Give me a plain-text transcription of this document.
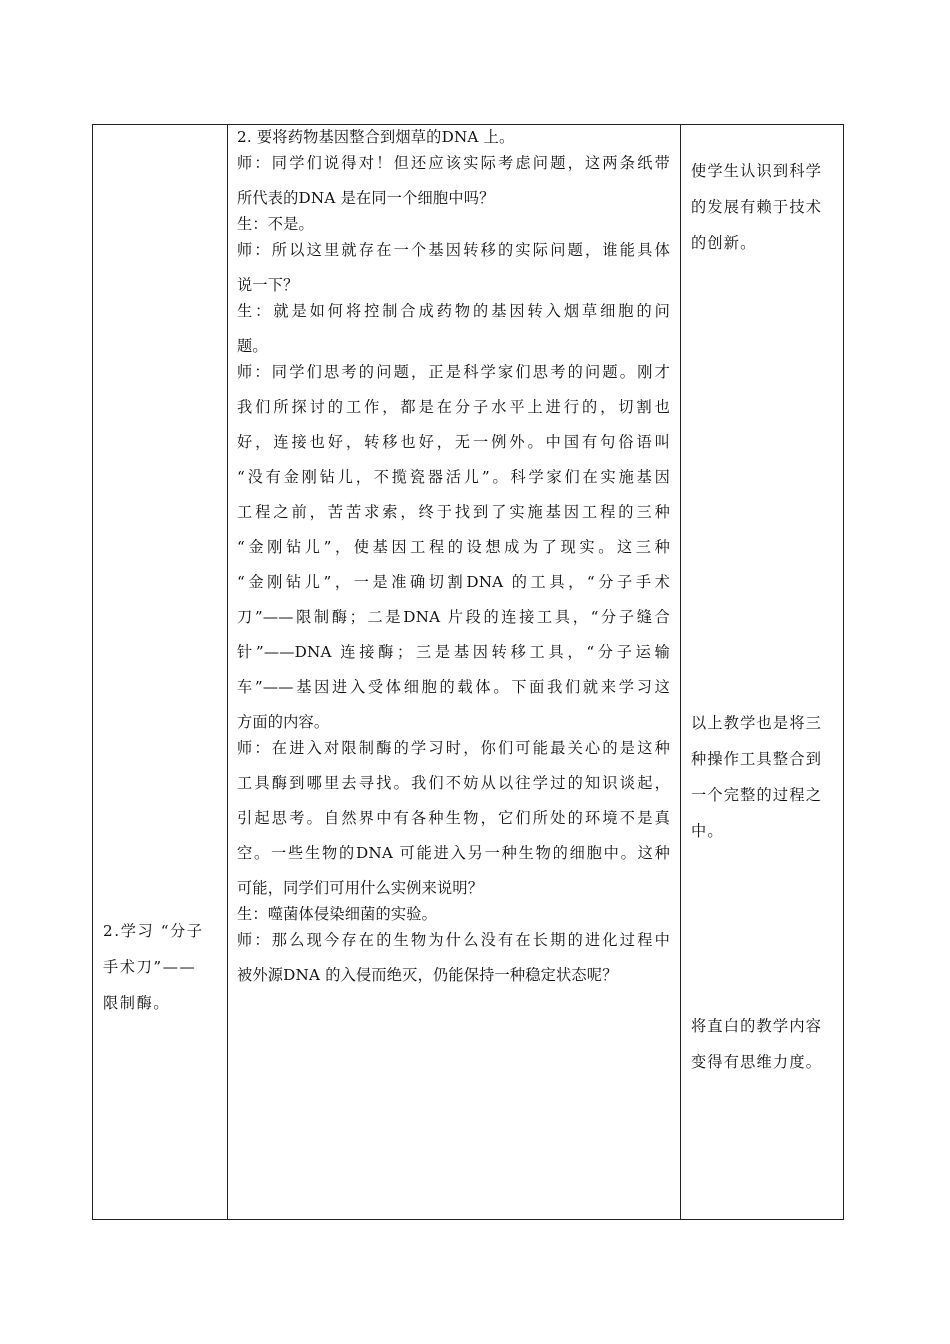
2.学习 “分子
手术刀”——
限制酶。

2. 要将药物基因整合到烟草的DNA 上。
师：同学们说得对！但还应该实际考虑问题，这两条纸带
所代表的DNA 是在同一个细胞中吗？
生：不是。
师：所以这里就存在一个基因转移的实际问题，谁能具体
说一下？
生：就是如何将控制合成药物的基因转入烟草细胞的问
题。
师：同学们思考的问题，正是科学家们思考的问题。刚才
我们所探讨的工作，都是在分子水平上进行的，切割也
好，连接也好，转移也好，无一例外。中国有句俗语叫
“没有金刚钻儿，不揽瓷器活儿”。科学家们在实施基因
工程之前，苦苦求索，终于找到了实施基因工程的三种
“金刚钻儿”，使基因工程的设想成为了现实。这三种
“金刚钻儿”，一是准确切割DNA 的工具，“分子手术
刀”——限制酶；二是DNA 片段的连接工具，“分子缝合
针”——DNA 连接酶；三是基因转移工具，“分子运输
车”——基因进入受体细胞的载体。下面我们就来学习这
方面的内容。
师：在进入对限制酶的学习时，你们可能最关心的是这种
工具酶到哪里去寻找。我们不妨从以往学过的知识谈起，
引起思考。自然界中有各种生物，它们所处的环境不是真
空。一些生物的DNA 可能进入另一种生物的细胞中。这种
可能，同学们可用什么实例来说明？
生：噬菌体侵染细菌的实验。
师：那么现今存在的生物为什么没有在长期的进化过程中
被外源DNA 的入侵而绝灭，仍能保持一种稳定状态呢？

使学生认识到科学
的发展有赖于技术
的创新。
以上教学也是将三
种操作工具整合到
一个完整的过程之
中。
将直白的教学内容
变得有思维力度。
